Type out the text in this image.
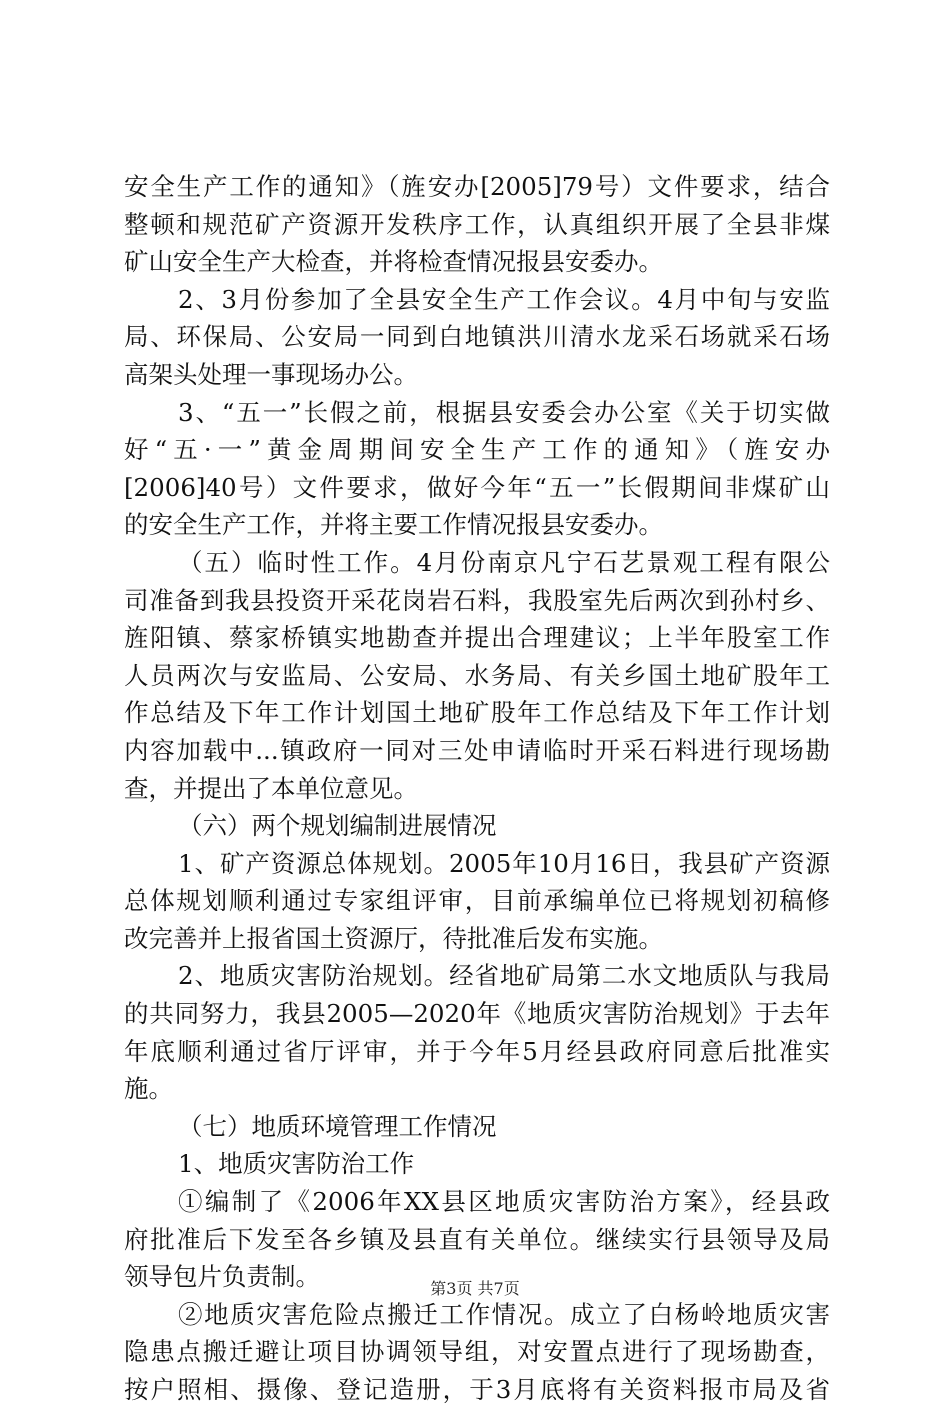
安全生产工作的通知》（旌安办[2005]79号）文件要求，结合
整顿和规范矿产资源开发秩序工作，认真组织开展了全县非煤
矿山安全生产大检查，并将检查情况报县安委办。
2、3月份参加了全县安全生产工作会议。4月中旬与安监
局、环保局、公安局一同到白地镇洪川清水龙采石场就采石场
高架头处理一事现场办公。
3、“五一”长假之前，根据县安委会办公室《关于切实做
好“五·一”黄金周期间安全生产工作的通知》（旌安办
[2006]40号）文件要求，做好今年“五一”长假期间非煤矿山
的安全生产工作，并将主要工作情况报县安委办。
（五）临时性工作。4月份南京凡宁石艺景观工程有限公
司准备到我县投资开采花岗岩石料，我股室先后两次到孙村乡、
旌阳镇、蔡家桥镇实地勘查并提出合理建议；上半年股室工作
人员两次与安监局、公安局、水务局、有关乡国土地矿股年工
作总结及下年工作计划国土地矿股年工作总结及下年工作计划
内容加载中...镇政府一同对三处申请临时开采石料进行现场勘
查，并提出了本单位意见。
（六）两个规划编制进展情况
1、矿产资源总体规划。2005年10月16日，我县矿产资源
总体规划顺利通过专家组评审，目前承编单位已将规划初稿修
改完善并上报省国土资源厅，待批准后发布实施。
2、地质灾害防治规划。经省地矿局第二水文地质队与我局
的共同努力，我县2005—2020年《地质灾害防治规划》于去年
年底顺利通过省厅评审，并于今年5月经县政府同意后批准实
施。
（七）地质环境管理工作情况
1、地质灾害防治工作
①编制了《2006年XX县区地质灾害防治方案》，经县政
府批准后下发至各乡镇及县直有关单位。继续实行县领导及局
领导包片负责制。
②地质灾害危险点搬迁工作情况。成立了白杨岭地质灾害
隐患点搬迁避让项目协调领导组，对安置点进行了现场勘查，
按户照相、摄像、登记造册，于3月底将有关资料报市局及省
第3页 共7页
